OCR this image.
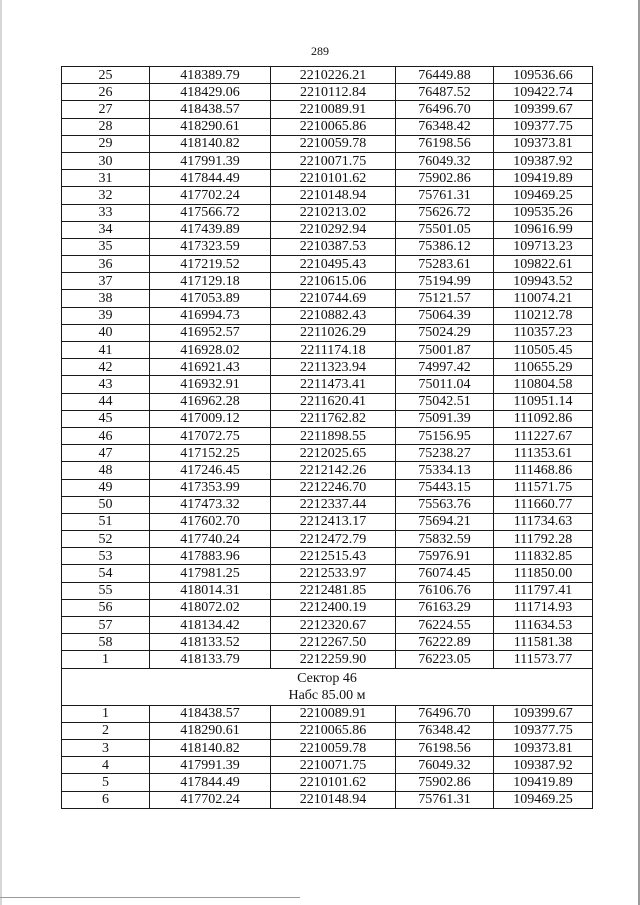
289
25	418389.79	2210226.21	76449.88	109536.66
26	418429.06	2210112.84	76487.52	109422.74
27	418438.57	2210089.91	76496.70	109399.67
28	418290.61	2210065.86	76348.42	109377.75
29	418140.82	2210059.78	76198.56	109373.81
30	417991.39	2210071.75	76049.32	109387.92
31	417844.49	2210101.62	75902.86	109419.89
32	417702.24	2210148.94	75761.31	109469.25
33	417566.72	2210213.02	75626.72	109535.26
34	417439.89	2210292.94	75501.05	109616.99
35	417323.59	2210387.53	75386.12	109713.23
36	417219.52	2210495.43	75283.61	109822.61
37	417129.18	2210615.06	75194.99	109943.52
38	417053.89	2210744.69	75121.57	110074.21
39	416994.73	2210882.43	75064.39	110212.78
40	416952.57	2211026.29	75024.29	110357.23
41	416928.02	2211174.18	75001.87	110505.45
42	416921.43	2211323.94	74997.42	110655.29
43	416932.91	2211473.41	75011.04	110804.58
44	416962.28	2211620.41	75042.51	110951.14
45	417009.12	2211762.82	75091.39	111092.86
46	417072.75	2211898.55	75156.95	111227.67
47	417152.25	2212025.65	75238.27	111353.61
48	417246.45	2212142.26	75334.13	111468.86
49	417353.99	2212246.70	75443.15	111571.75
50	417473.32	2212337.44	75563.76	111660.77
51	417602.70	2212413.17	75694.21	111734.63
52	417740.24	2212472.79	75832.59	111792.28
53	417883.96	2212515.43	75976.91	111832.85
54	417981.25	2212533.97	76074.45	111850.00
55	418014.31	2212481.85	76106.76	111797.41
56	418072.02	2212400.19	76163.29	111714.93
57	418134.42	2212320.67	76224.55	111634.53
58	418133.52	2212267.50	76222.89	111581.38
1	418133.79	2212259.90	76223.05	111573.77

Сектор 46
Набс 85.00 м				

1	418438.57	2210089.91	76496.70	109399.67
2	418290.61	2210065.86	76348.42	109377.75
3	418140.82	2210059.78	76198.56	109373.81
4	417991.39	2210071.75	76049.32	109387.92
5	417844.49	2210101.62	75902.86	109419.89
6	417702.24	2210148.94	75761.31	109469.25
